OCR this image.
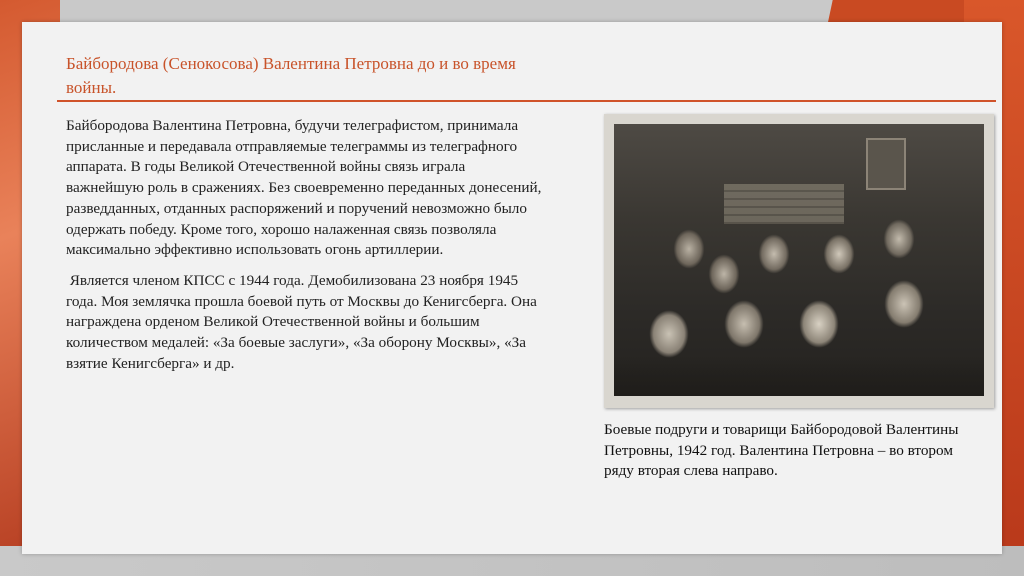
Байбородова (Сенокосова) Валентина Петровна до и во время войны.

Байбородова Валентина Петровна, будучи телеграфистом, принимала присланные и передавала отправляемые телеграммы из телеграфного аппарата. В годы Великой Отечественной войны связь играла важнейшую роль в сражениях. Без своевременно переданных донесений, разведданных, отданных распоряжений и поручений невозможно было одержать победу. Кроме того, хорошо налаженная связь позволяла максимально эффективно использовать огонь артиллерии.

Является членом КПСС с 1944 года. Демобилизована 23 ноября 1945 года. Моя землячка прошла боевой путь от Москвы до Кенигсберга. Она награждена орденом Великой Отечественной войны и большим количеством медалей: «За боевые заслуги», «За оборону Москвы», «За взятие Кенигсберга» и др.

Боевые подруги и товарищи Байбородовой Валентины Петровны, 1942 год. Валентина Петровна – во втором ряду вторая слева направо.
